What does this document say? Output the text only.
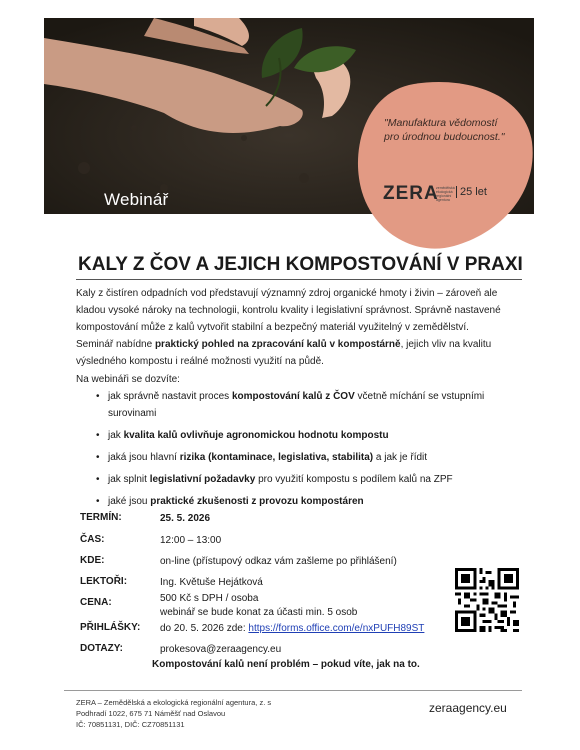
Webinář
"Manufaktura vědomostí pro úrodnou budoucnost."
ZERA
zemědělská ekologická regionální agentura
25 let
KALY Z ČOV A JEJICH KOMPOSTOVÁNÍ V PRAXI
Kaly z čistíren odpadních vod představují významný zdroj organické hmoty i živin – zároveň ale kladou vysoké nároky na technologii, kontrolu kvality i legislativní správnost. Správně nastavené kompostování může z kalů vytvořit stabilní a bezpečný materiál využitelný v zemědělství.
Seminář nabídne praktický pohled na zpracování kalů v kompostárně, jejich vliv na kvalitu výsledného kompostu i reálné možnosti využití na půdě.
Na webináři se dozvíte:
• jak správně nastavit proces kompostování kalů z ČOV včetně míchání se vstupními surovinami
• jak kvalita kalů ovlivňuje agronomickou hodnotu kompostu
• jaká jsou hlavní rizika (kontaminace, legislativa, stabilita) a jak je řídit
• jak splnit legislativní požadavky pro využití kompostu s podílem kalů na ZPF
• jaké jsou praktické zkušenosti z provozu kompostáren
TERMÍN:	25. 5. 2026
ČAS:	12:00 – 13:00
KDE:	on-line (přístupový odkaz vám zašleme po přihlášení)
LEKTOŘI:	Ing. Květuše Hejátková
CENA:	500 Kč s DPH / osoba
webinář se bude konat za účasti min. 5 osob
PŘIHLÁŠKY: do 20. 5. 2026 zde: https://forms.office.com/e/nxPUFH89ST
DOTAZY:	prokesova@zeraagency.eu
Kompostování kalů není problém – pokud víte, jak na to.
ZERA – Zemědělská a ekologická regionální agentura, z. s
Podhradí 1022, 675 71 Náměšť nad Oslavou
IČ: 70851131, DIČ: CZ70851131
zeraagency.eu
